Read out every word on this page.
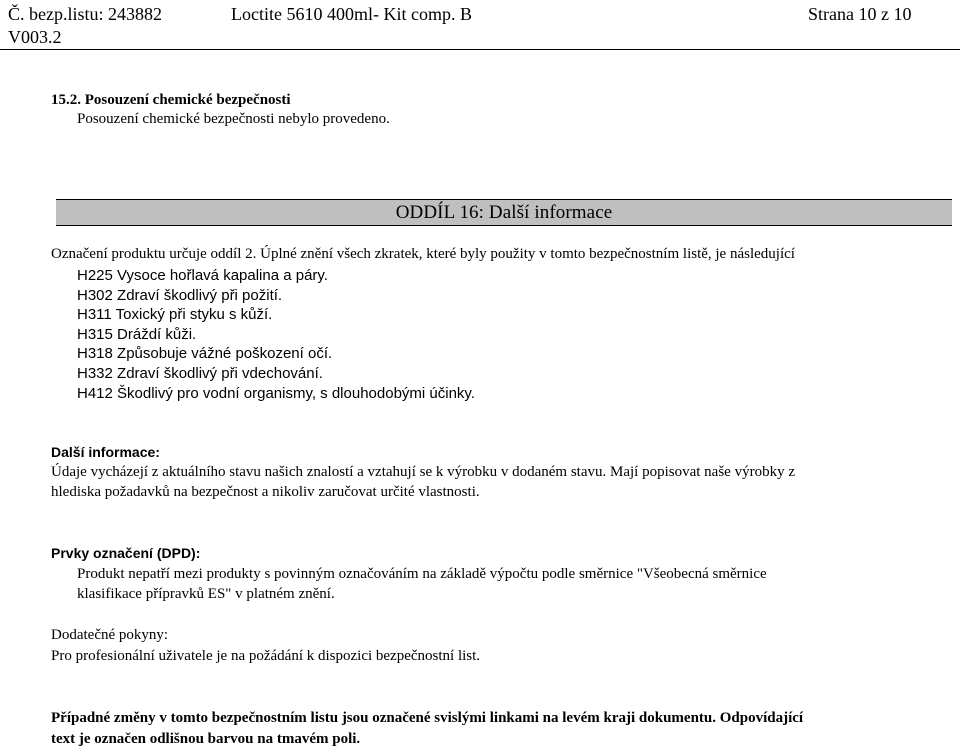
Č. bezp.listu: 243882	Loctite 5610 400ml- Kit comp. B	Strana 10 z 10
V003.2
15.2. Posouzení chemické bezpečnosti
Posouzení chemické bezpečnosti nebylo provedeno.
ODDÍL 16: Další informace
Označení produktu určuje oddíl 2. Úplné znění všech zkratek, které byly použity v tomto bezpečnostním listě, je následující
H225 Vysoce hořlavá kapalina a páry.
H302 Zdraví škodlivý při požití.
H311 Toxický při styku s kůží.
H315 Dráždí kůži.
H318 Způsobuje vážné poškození očí.
H332 Zdraví škodlivý při vdechování.
H412 Škodlivý pro vodní organismy, s dlouhodobými účinky.
Další informace:
Údaje vycházejí z aktuálního stavu našich znalostí a vztahují se k výrobku v dodaném stavu. Mají popisovat naše výrobky z
hlediska požadavků na bezpečnost a nikoliv zaručovat určité vlastnosti.
Prvky označení (DPD):
Produkt nepatří mezi produkty s povinným označováním na základě výpočtu podle směrnice "Všeobecná směrnice
klasifikace přípravků ES" v platném znění.
Dodatečné pokyny:
Pro profesionální uživatele je na požádání k dispozici bezpečnostní list.
Případné změny v tomto bezpečnostním listu jsou označené svislými linkami na levém kraji dokumentu. Odpovídající
text je označen odlišnou barvou na tmavém poli.
